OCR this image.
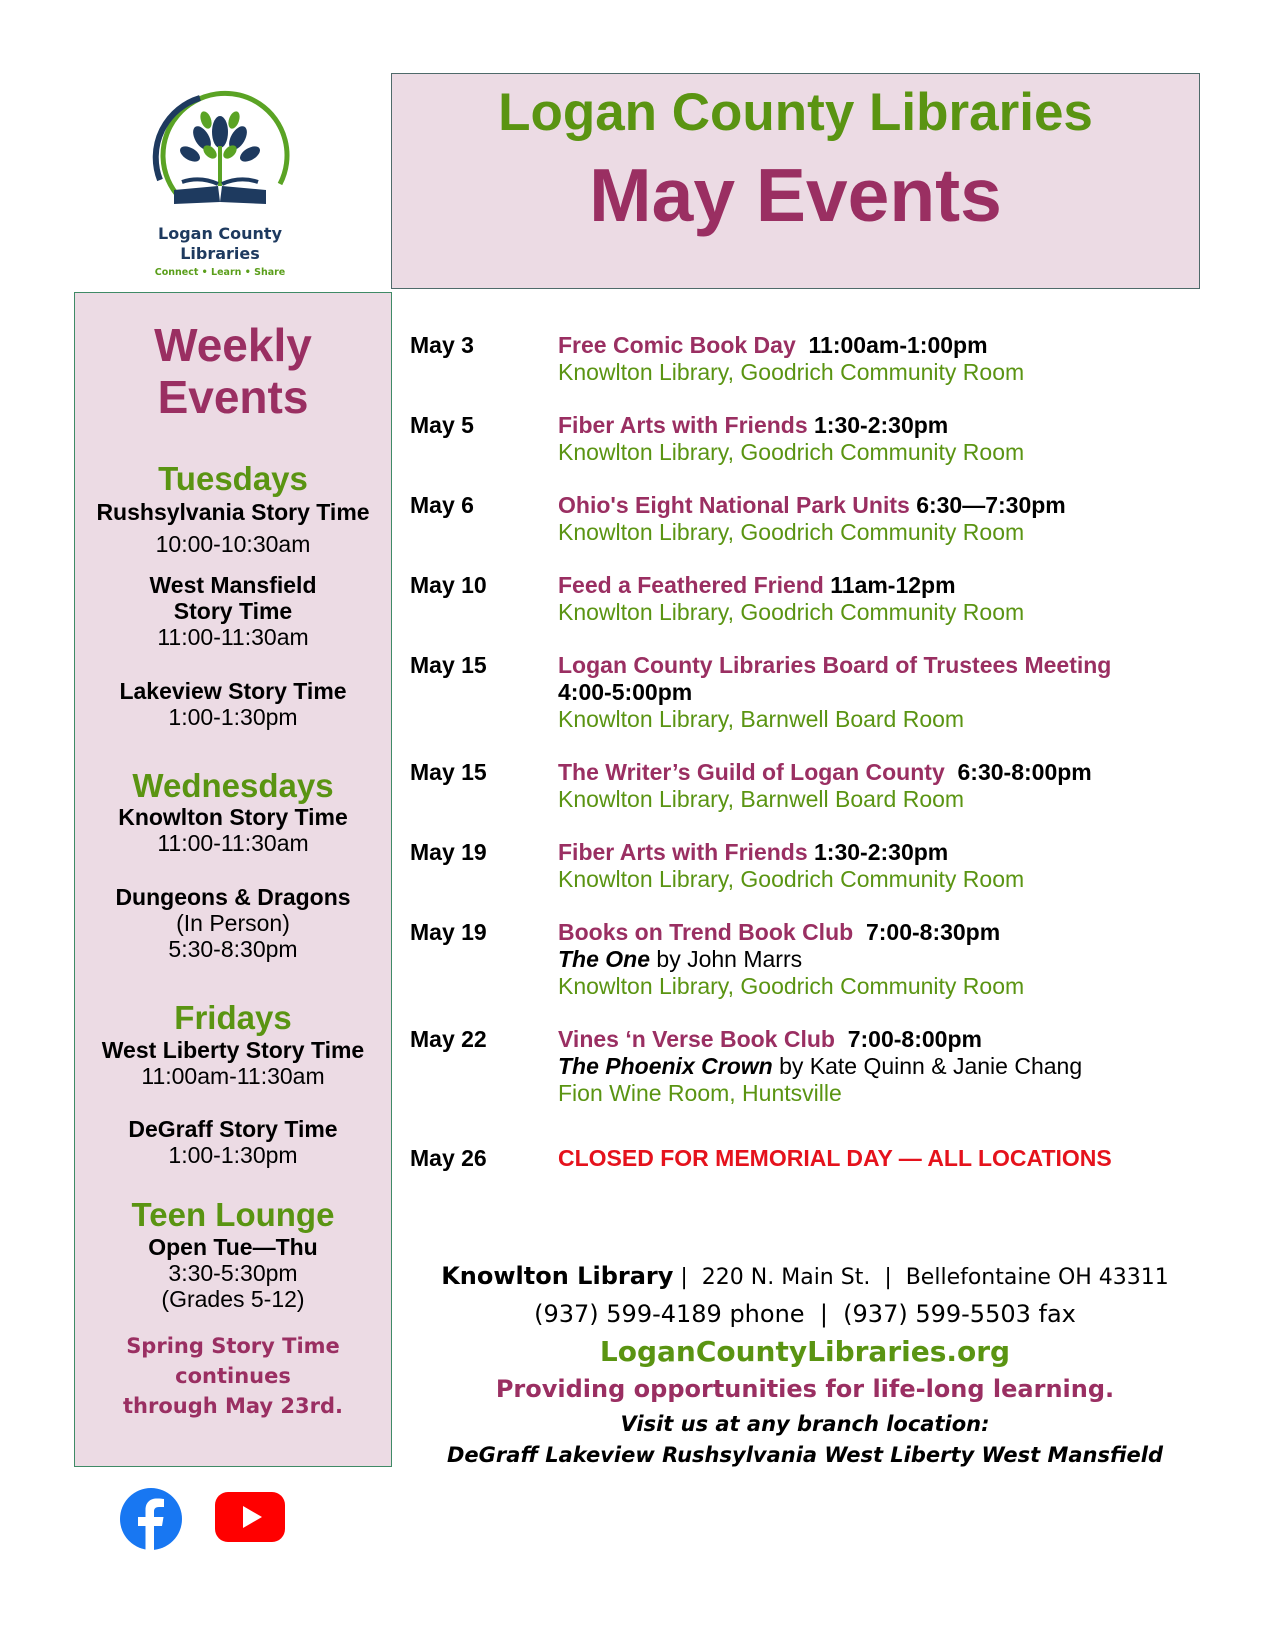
Logan County
Libraries
Connect • Learn • Share
Logan County Libraries
May Events
Weekly
Events
Tuesdays
Rushsylvania Story Time
10:00-10:30am
West Mansfield
Story Time
11:00-11:30am
Lakeview Story Time
1:00-1:30pm
Wednesdays
Knowlton Story Time
11:00-11:30am
Dungeons & Dragons
(In Person)
5:30-8:30pm
Fridays
West Liberty Story Time
11:00am-11:30am
DeGraff Story Time
1:00-1:30pm
Teen Lounge
Open Tue—Thu
3:30-5:30pm
(Grades 5-12)
Spring Story Time
continues
through May 23rd.
May 3	Free Comic Book Day 11:00am-1:00pm
Knowlton Library, Goodrich Community Room
May 5	Fiber Arts with Friends 1:30-2:30pm
Knowlton Library, Goodrich Community Room
May 6	Ohio's Eight National Park Units 6:30—7:30pm
Knowlton Library, Goodrich Community Room
May 10	Feed a Feathered Friend 11am-12pm
Knowlton Library, Goodrich Community Room
May 15	Logan County Libraries Board of Trustees Meeting
4:00-5:00pm
Knowlton Library, Barnwell Board Room
May 15	The Writer’s Guild of Logan County 6:30-8:00pm
Knowlton Library, Barnwell Board Room
May 19	Fiber Arts with Friends 1:30-2:30pm
Knowlton Library, Goodrich Community Room
May 19	Books on Trend Book Club 7:00-8:30pm
The One by John Marrs
Knowlton Library, Goodrich Community Room
May 22	Vines ‘n Verse Book Club 7:00-8:00pm
The Phoenix Crown by Kate Quinn & Janie Chang
Fion Wine Room, Huntsville
May 26	CLOSED FOR MEMORIAL DAY — ALL LOCATIONS
Knowlton Library |  220 N. Main St.  |  Bellefontaine OH 43311
(937) 599-4189 phone  |  (937) 599-5503 fax
LoganCountyLibraries.org
Providing opportunities for life-long learning.
Visit us at any branch location:
DeGraff Lakeview Rushsylvania West Liberty West Mansfield
